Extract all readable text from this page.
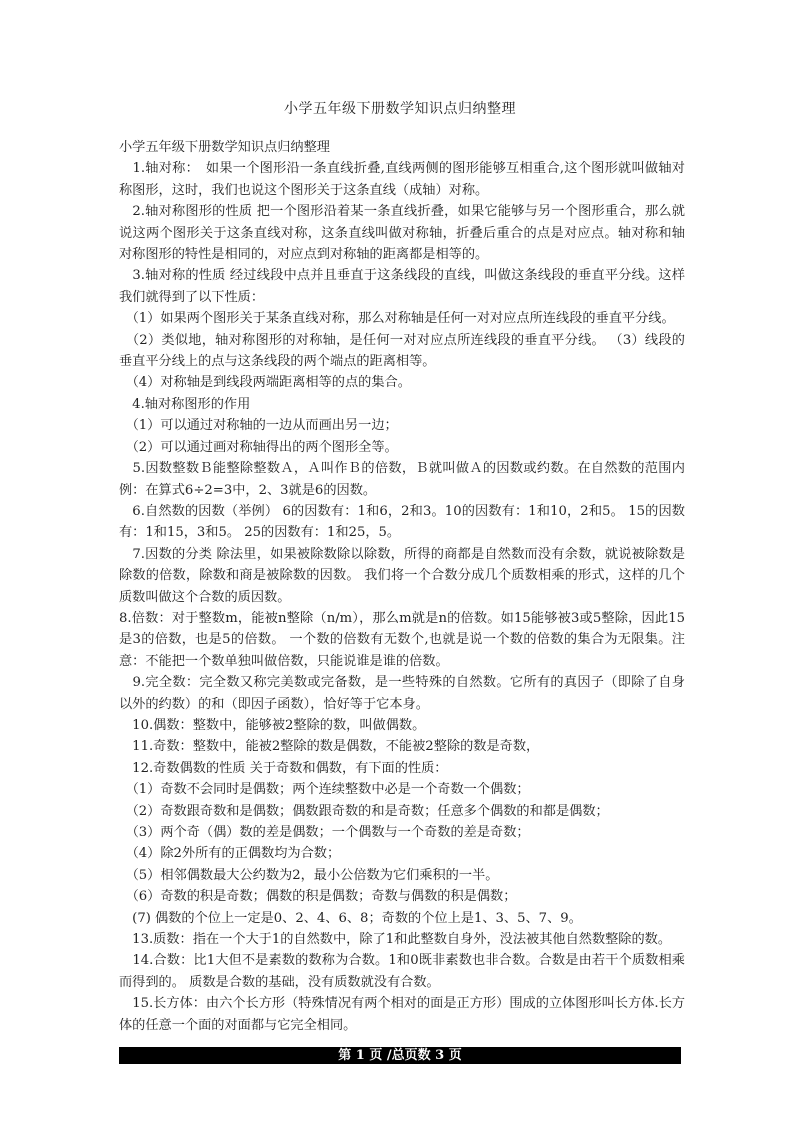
小学五年级下册数学知识点归纳整理

小学五年级下册数学知识点归纳整理

　1.轴对称：　如果一个图形沿一条直线折叠,直线两侧的图形能够互相重合,这个图形就叫做轴对称图形，这时，我们也说这个图形关于这条直线（成轴）对称。

　2.轴对称图形的性质 把一个图形沿着某一条直线折叠，如果它能够与另一个图形重合，那么就说这两个图形关于这条直线对称，这条直线叫做对称轴，折叠后重合的点是对应点。轴对称和轴对称图形的特性是相同的，对应点到对称轴的距离都是相等的。

　3.轴对称的性质 经过线段中点并且垂直于这条线段的直线，叫做这条线段的垂直平分线。这样我们就得到了以下性质：

　（1）如果两个图形关于某条直线对称，那么对称轴是任何一对对应点所连线段的垂直平分线。

　（2）类似地，轴对称图形的对称轴，是任何一对对应点所连线段的垂直平分线。 （3）线段的垂直平分线上的点与这条线段的两个端点的距离相等。

　（4）对称轴是到线段两端距离相等的点的集合。

　4.轴对称图形的作用

　（1）可以通过对称轴的一边从而画出另一边；

　（2）可以通过画对称轴得出的两个图形全等。

　5.因数整数Ｂ能整除整数Ａ，Ａ叫作Ｂ的倍数，Ｂ就叫做Ａ的因数或约数。在自然数的范围内例：在算式6÷2=3中，2、3就是6的因数。

　6.自然数的因数（举例） 6的因数有：1和6，2和3。10的因数有：1和10，2和5。 15的因数有：1和15，3和5。 25的因数有：1和25，5。

　7.因数的分类 除法里，如果被除数除以除数，所得的商都是自然数而没有余数，就说被除数是除数的倍数，除数和商是被除数的因数。 我们将一个合数分成几个质数相乘的形式，这样的几个质数叫做这个合数的质因数。

8.倍数：对于整数m，能被n整除（n/m），那么m就是n的倍数。如15能够被3或5整除，因此15是3的倍数，也是5的倍数。 一个数的倍数有无数个,也就是说一个数的倍数的集合为无限集。注意：不能把一个数单独叫做倍数，只能说谁是谁的倍数。

　9.完全数：完全数又称完美数或完备数，是一些特殊的自然数。它所有的真因子（即除了自身以外的约数）的和（即因子函数），恰好等于它本身。

　10.偶数：整数中，能够被2整除的数，叫做偶数。

　11.奇数：整数中，能被2整除的数是偶数，不能被2整除的数是奇数，

　12.奇数偶数的性质 关于奇数和偶数，有下面的性质：

　（1）奇数不会同时是偶数；两个连续整数中必是一个奇数一个偶数；

　（2）奇数跟奇数和是偶数；偶数跟奇数的和是奇数；任意多个偶数的和都是偶数；

　（3）两个奇（偶）数的差是偶数；一个偶数与一个奇数的差是奇数；

　（4）除2外所有的正偶数均为合数；

　（5）相邻偶数最大公约数为2，最小公倍数为它们乘积的一半。

　（6）奇数的积是奇数；偶数的积是偶数；奇数与偶数的积是偶数；

　(7) 偶数的个位上一定是0、2、4、6、8；奇数的个位上是1、3、5、7、9。

　13.质数：指在一个大于1的自然数中，除了1和此整数自身外，没法被其他自然数整除的数。

　14.合数：比1大但不是素数的数称为合数。1和0既非素数也非合数。合数是由若干个质数相乘而得到的。 质数是合数的基础，没有质数就没有合数。

　15.长方体：由六个长方形（特殊情况有两个相对的面是正方形）围成的立体图形叫长方体.长方体的任意一个面的对面都与它完全相同。

第 1 页 /总页数 3 页
